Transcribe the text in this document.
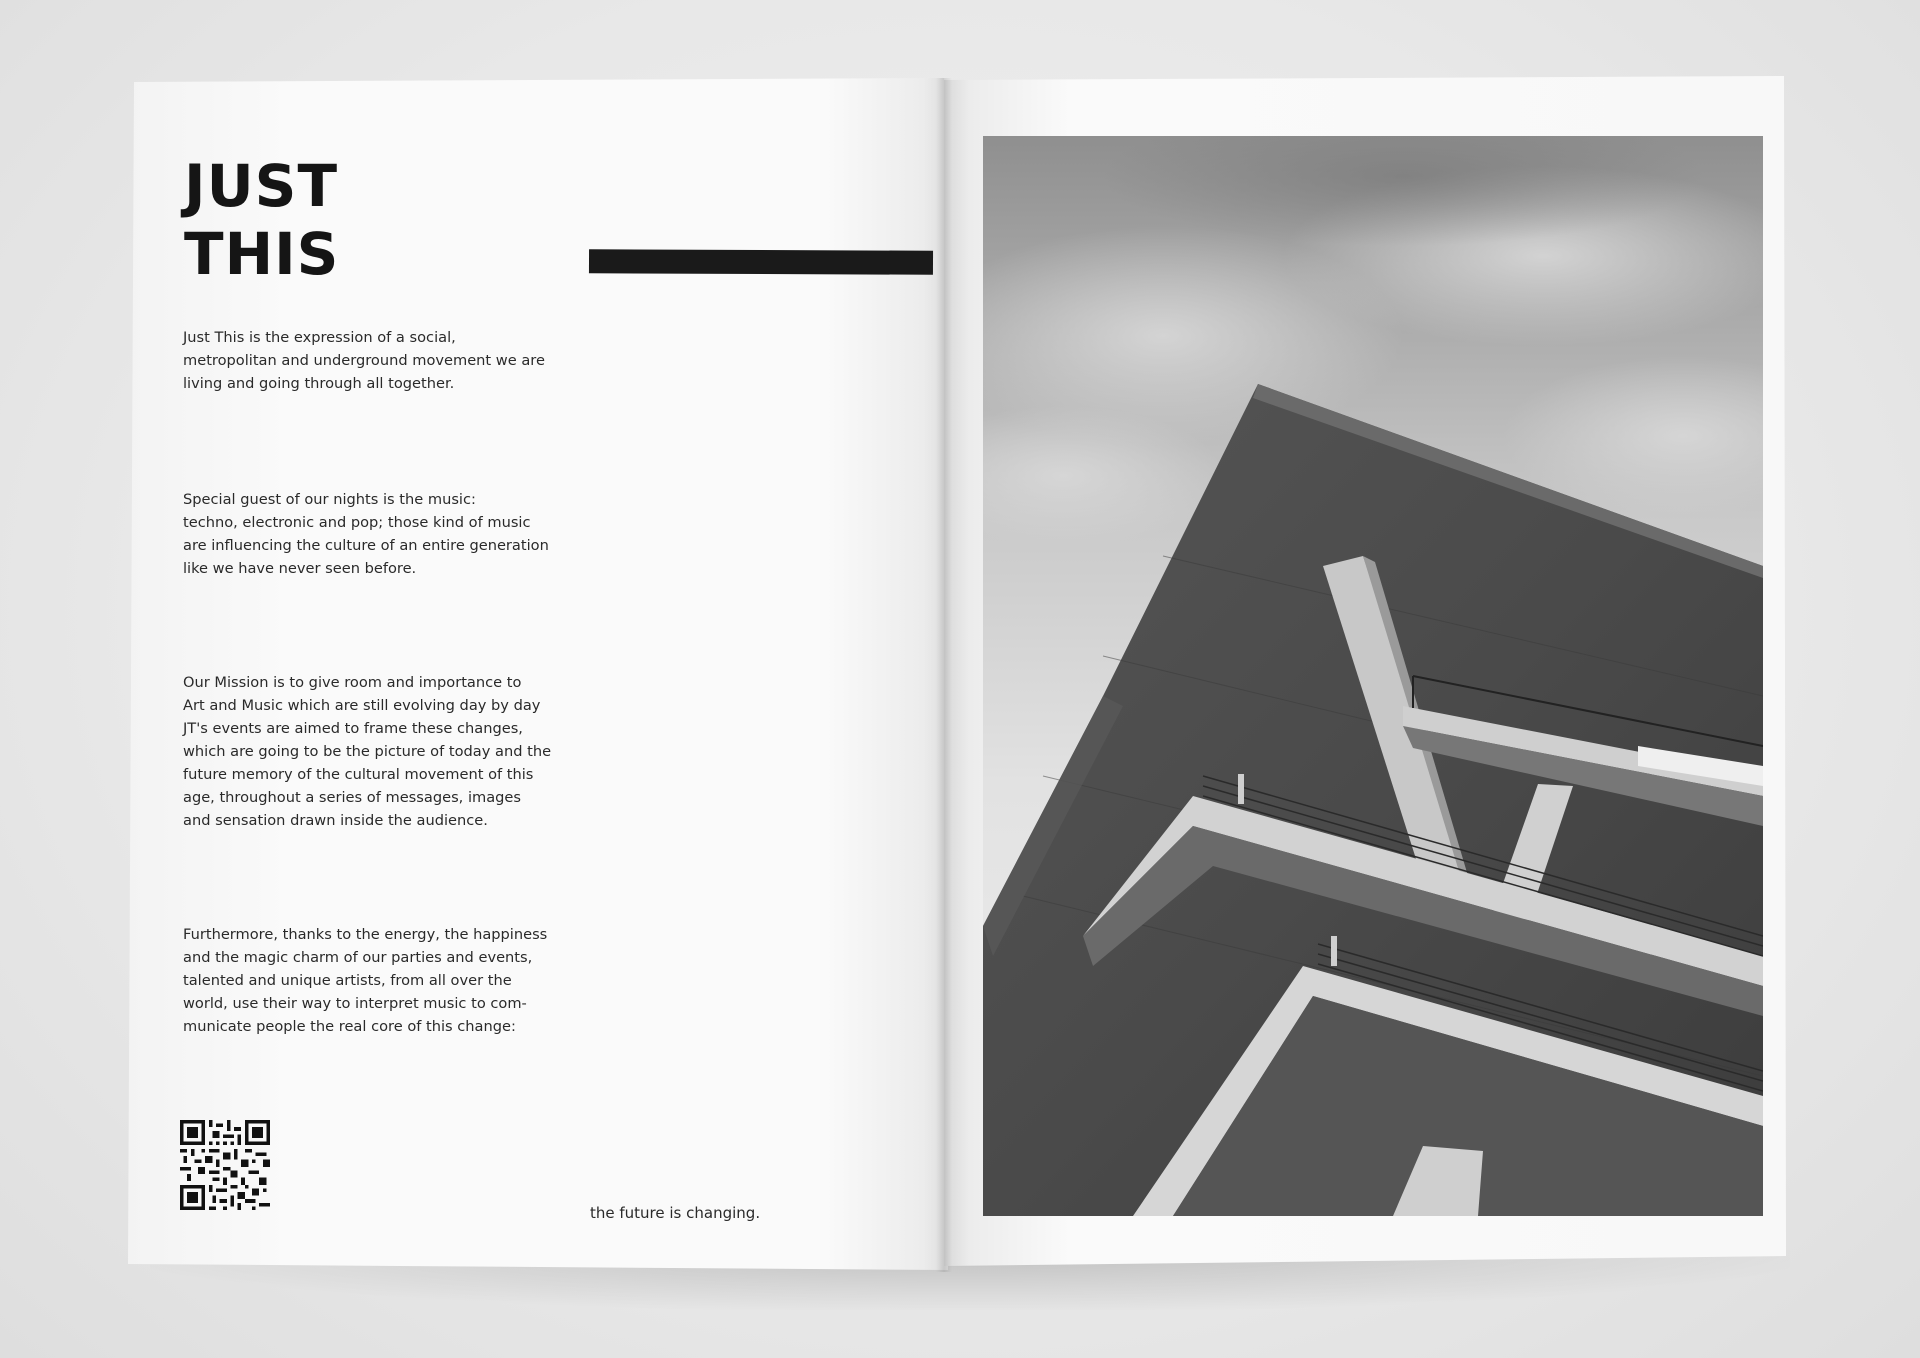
JUST
THIS

Just This is the expression of a social,
metropolitan and underground movement we are
living and going through all together.

Special guest of our nights is the music:
techno, electronic and pop; those kind of music
are influencing the culture of an entire generation
like we have never seen before.

Our Mission is to give room and importance to
Art and Music which are still evolving day by day
JT's events are aimed to frame these changes,
which are going to be the picture of today and the
future memory of the cultural movement of this
age, throughout a series of messages, images
and sensation drawn inside the audience.

Furthermore, thanks to the energy, the happiness
and the magic charm of our parties and events,
talented and unique artists, from all over the
world, use their way to interpret music to com-
municate people the real core of this change:

the future is changing.
